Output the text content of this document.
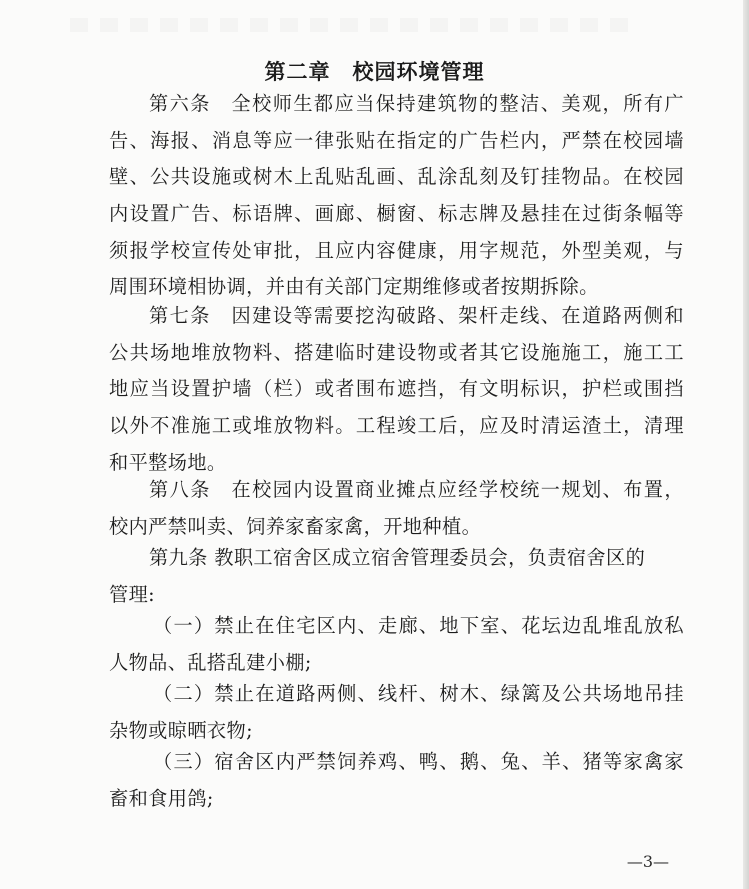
第二章　校园环境管理
第六条　全校师生都应当保持建筑物的整洁、美观，所有广
告、海报、消息等应一律张贴在指定的广告栏内，严禁在校园墙
壁、公共设施或树木上乱贴乱画、乱涂乱刻及钉挂物品。在校园
内设置广告、标语牌、画廊、橱窗、标志牌及悬挂在过街条幅等
须报学校宣传处审批，且应内容健康，用字规范，外型美观，与
周围环境相协调，并由有关部门定期维修或者按期拆除。
第七条　因建设等需要挖沟破路、架杆走线、在道路两侧和
公共场地堆放物料、搭建临时建设物或者其它设施施工，施工工
地应当设置护墙（栏）或者围布遮挡，有文明标识，护栏或围挡
以外不准施工或堆放物料。工程竣工后，应及时清运渣土，清理
和平整场地。
第八条　在校园内设置商业摊点应经学校统一规划、布置，
校内严禁叫卖、饲养家畜家禽，开地种植。
第九条 教职工宿舍区成立宿舍管理委员会，负责宿舍区的
管理:
（一）禁止在住宅区内、走廊、地下室、花坛边乱堆乱放私
人物品、乱搭乱建小棚;
（二）禁止在道路两侧、线杆、树木、绿篱及公共场地吊挂
杂物或晾晒衣物;
（三）宿舍区内严禁饲养鸡、鸭、鹅、兔、羊、猪等家禽家
畜和食用鸽;
—3—
